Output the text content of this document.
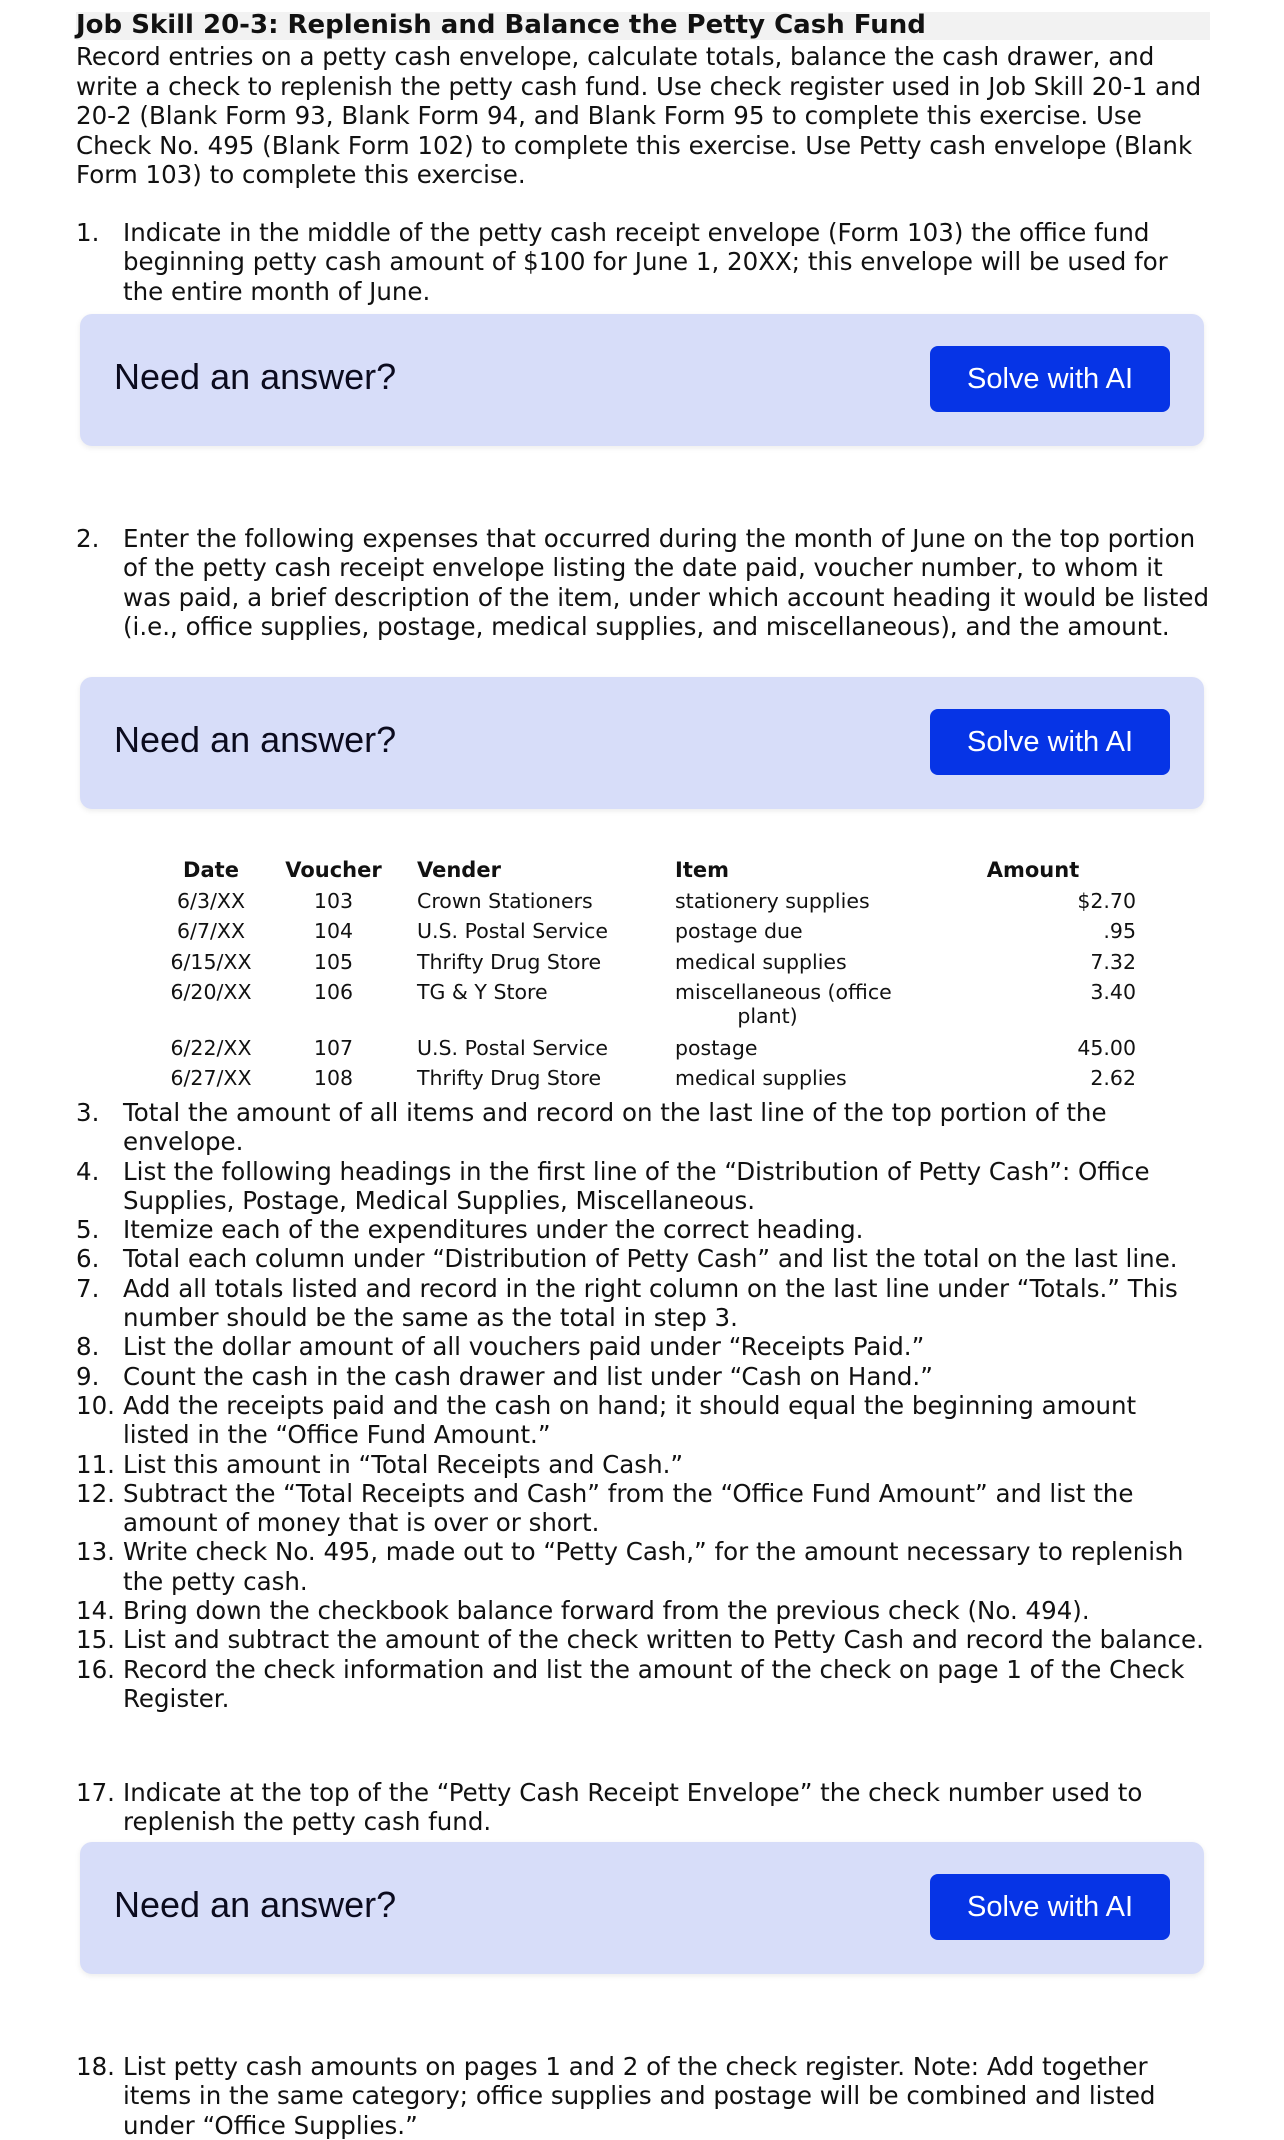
Job Skill 20-3: Replenish and Balance the Petty Cash Fund
Record entries on a petty cash envelope, calculate totals, balance the cash drawer, and write a check to replenish the petty cash fund. Use check register used in Job Skill 20-1 and 20-2 (Blank Form 93, Blank Form 94, and Blank Form 95 to complete this exercise. Use Check No. 495 (Blank Form 102) to complete this exercise. Use Petty cash envelope (Blank Form 103) to complete this exercise.
1. Indicate in the middle of the petty cash receipt envelope (Form 103) the office fund beginning petty cash amount of $100 for June 1, 20XX; this envelope will be used for the entire month of June.
Need an answer?	Solve with AI
2. Enter the following expenses that occurred during the month of June on the top portion of the petty cash receipt envelope listing the date paid, voucher number, to whom it was paid, a brief description of the item, under which account heading it would be listed (i.e., office supplies, postage, medical supplies, and miscellaneous), and the amount.
Need an answer?	Solve with AI
Date	Voucher	Vender	Item	Amount
6/3/XX	103	Crown Stationers	stationery supplies	$2.70
6/7/XX	104	U.S. Postal Service	postage due	.95
6/15/XX	105	Thrifty Drug Store	medical supplies	7.32
6/20/XX	106	TG & Y Store	miscellaneous (office	3.40
plant)
6/22/XX	107	U.S. Postal Service	postage	45.00
6/27/XX	108	Thrifty Drug Store	medical supplies	2.62
3. Total the amount of all items and record on the last line of the top portion of the envelope.
4. List the following headings in the first line of the “Distribution of Petty Cash”: Office Supplies, Postage, Medical Supplies, Miscellaneous.
5. Itemize each of the expenditures under the correct heading.
6. Total each column under “Distribution of Petty Cash” and list the total on the last line.
7. Add all totals listed and record in the right column on the last line under “Totals.” This number should be the same as the total in step 3.
8. List the dollar amount of all vouchers paid under “Receipts Paid.”
9. Count the cash in the cash drawer and list under “Cash on Hand.”
10. Add the receipts paid and the cash on hand; it should equal the beginning amount listed in the “Office Fund Amount.”
11. List this amount in “Total Receipts and Cash.”
12. Subtract the “Total Receipts and Cash” from the “Office Fund Amount” and list the amount of money that is over or short.
13. Write check No. 495, made out to “Petty Cash,” for the amount necessary to replenish the petty cash.
14. Bring down the checkbook balance forward from the previous check (No. 494).
15. List and subtract the amount of the check written to Petty Cash and record the balance.
16. Record the check information and list the amount of the check on page 1 of the Check Register.
17. Indicate at the top of the “Petty Cash Receipt Envelope” the check number used to replenish the petty cash fund.
Need an answer?	Solve with AI
18. List petty cash amounts on pages 1 and 2 of the check register. Note: Add together items in the same category; office supplies and postage will be combined and listed under “Office Supplies.”
